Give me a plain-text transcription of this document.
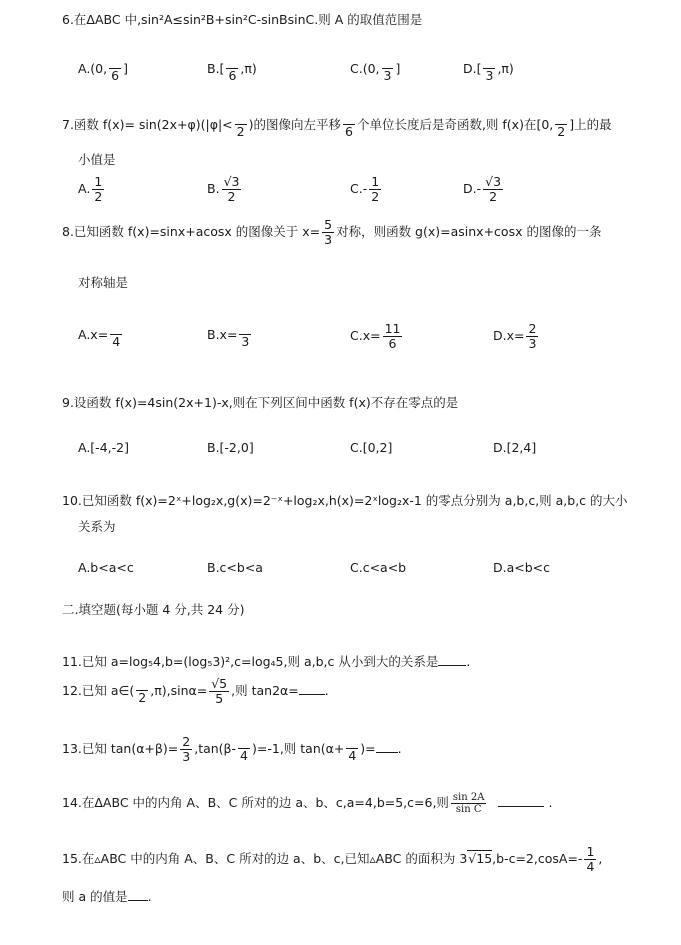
6.在ΔABC 中,sin²A≤sin²B+sin²C-sinBsinC.则 A 的取值范围是
A.(0, 6 ]	B.[ 6 ,π)	C.(0, 3 ]	D.[ 3 ,π)
7.函数 f(x)= sin(2x+φ)(|φ|< 2 )的图像向左平移 6 个单位长度后是奇函数,则 f(x)在[0, 2 ]上的最
小值是
A. $\frac{1}{2}$	B. $\frac{√3}{2}$	$C.- \frac{1}{2}$	$D.- \frac{√3}{2}$
8.已知函数 f(x)=sinx+acosx 的图像关于 $x= \frac{5}{3}$ 对称，则函数 g(x)=asinx+cosx 的图像的一条
对称轴是
A.x= 4	B.x= 3	$C.x= \frac{11}{6}$	$D.x= \frac{2}{3}$
9.设函数 f(x)=4sin(2x+1)-x,则在下列区间中函数 f(x)不存在零点的是
A.[-4,-2]	B.[-2,0]	C.[0,2]	D.[2,4]
10.已知函数 f(x)=2ˣ+log₂x,g(x)=2⁻ˣ+log₂x,h(x)=2ˣlog₂x-1 的零点分别为 a,b,c,则 a,b,c 的大小
关系为
A.b<a<c	B.c<b<a	C.c<a<b	D.a<b<c
二.填空题(每小题 4 分,共 24 分)
11.已知 a=log₅4,b=(log₅3)²,c=log₄5,则 a,b,c 从小到大的关系是 .
12.已知 a∈( 2 $,\pi),\sin\alpha= \frac{√5}{5}$ ,则 tan2α= .
13.已知 $\tan(\alpha+\beta)= \frac{2}{3} ,\tan(\beta-$ 4 )=-1,则 tan(α+ 4 )= .
14.在ΔABC 中的内角 A、B、C 所对的边 a、b、c,a=4,b=5,c=6,则 $\frac{\sin 2A}{\text{sin C}}$	.
15.在▵ABC 中的内角 A、B、C 所对的边 a、b、c,已知▵ABC 的面积为 $3√15,b-c=2,\cos A=- \frac{1}{4}$ ,
则 a 的值是 .
